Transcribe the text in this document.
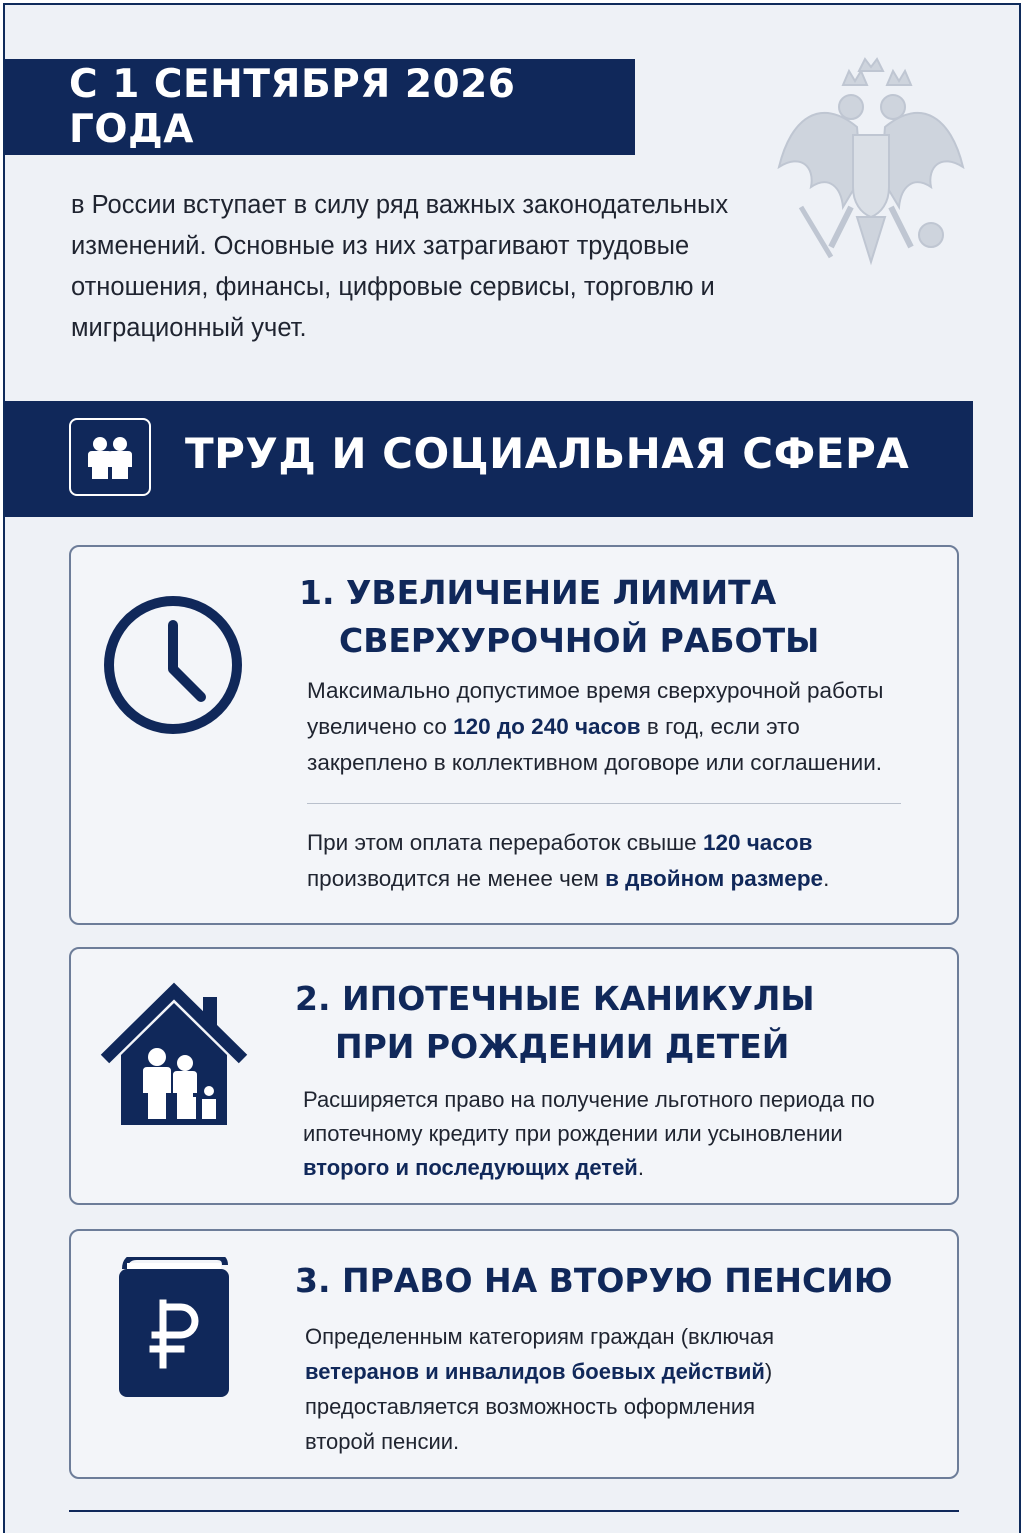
С 1 СЕНТЯБРЯ 2026 ГОДА
в России вступает в силу ряд важных законодательных изменений. Основные из них затрагивают трудовые отношения, финансы, цифровые сервисы, торговлю и миграционный учет.
ТРУД И СОЦИАЛЬНАЯ СФЕРА
1. УВЕЛИЧЕНИЕ ЛИМИТА
СВЕРХУРОЧНОЙ РАБОТЫ
Максимально допустимое время сверхурочной работы увеличено со 120 до 240 часов в год, если это закреплено в коллективном договоре или соглашении.
При этом оплата переработок свыше 120 часов производится не менее чем в двойном размере.
2. ИПОТЕЧНЫЕ КАНИКУЛЫ
ПРИ РОЖДЕНИИ ДЕТЕЙ
Расширяется право на получение льготного периода по ипотечному кредиту при рождении или усыновлении второго и последующих детей.
3. ПРАВО НА ВТОРУЮ ПЕНСИЮ
Определенным категориям граждан (включая ветеранов и инвалидов боевых действий) предоставляется возможность оформления второй пенсии.
